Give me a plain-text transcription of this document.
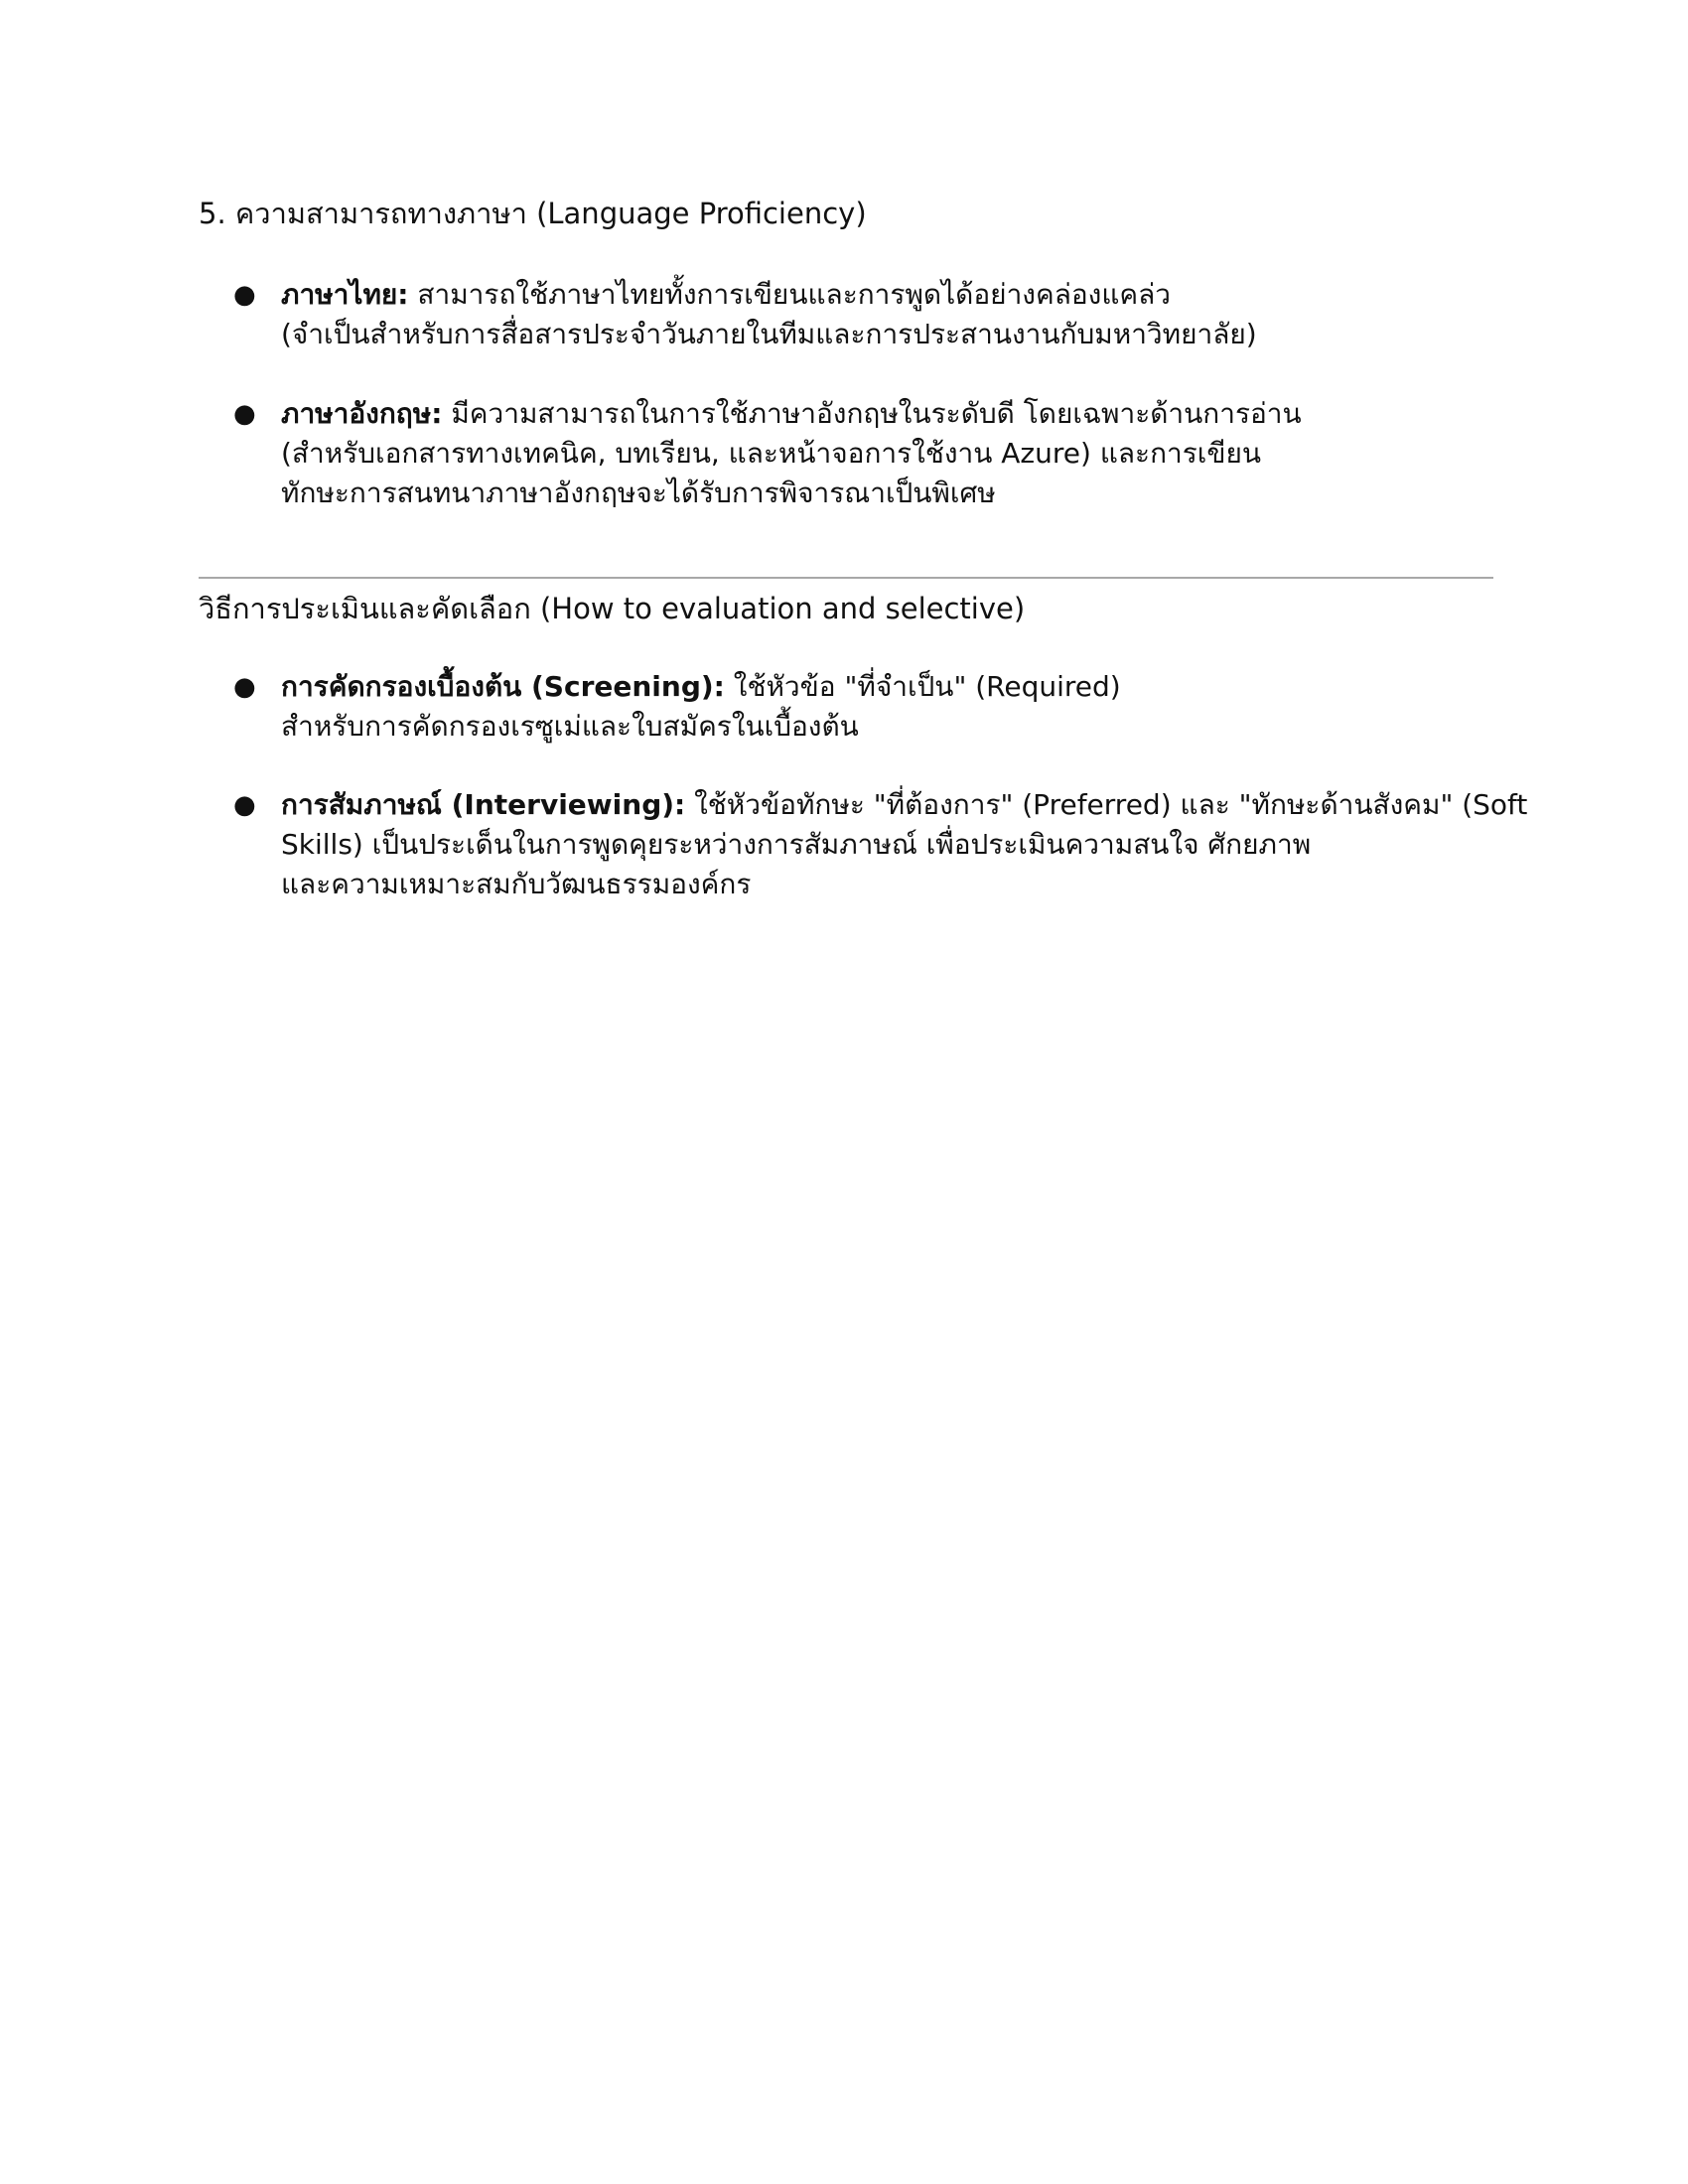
5. ความสามารถทางภาษา (Language Proficiency)
● ภาษาไทย: สามารถใช้ภาษาไทยทั้งการเขียนและการพูดได้อย่างคล่องแคล่ว
(จำเป็นสำหรับการสื่อสารประจำวันภายในทีมและการประสานงานกับมหาวิทยาลัย)
● ภาษาอังกฤษ: มีความสามารถในการใช้ภาษาอังกฤษในระดับดี โดยเฉพาะด้านการอ่าน
(สำหรับเอกสารทางเทคนิค, บทเรียน, และหน้าจอการใช้งาน Azure) และการเขียน
ทักษะการสนทนาภาษาอังกฤษจะได้รับการพิจารณาเป็นพิเศษ
วิธีการประเมินและคัดเลือก (How to evaluation and selective)
● การคัดกรองเบื้องต้น (Screening): ใช้หัวข้อ "ที่จำเป็น" (Required)
สำหรับการคัดกรองเรซูเม่และใบสมัครในเบื้องต้น
● การสัมภาษณ์ (Interviewing): ใช้หัวข้อทักษะ "ที่ต้องการ" (Preferred) และ "ทักษะด้านสังคม" (Soft
Skills) เป็นประเด็นในการพูดคุยระหว่างการสัมภาษณ์ เพื่อประเมินความสนใจ ศักยภาพ
และความเหมาะสมกับวัฒนธรรมองค์กร
